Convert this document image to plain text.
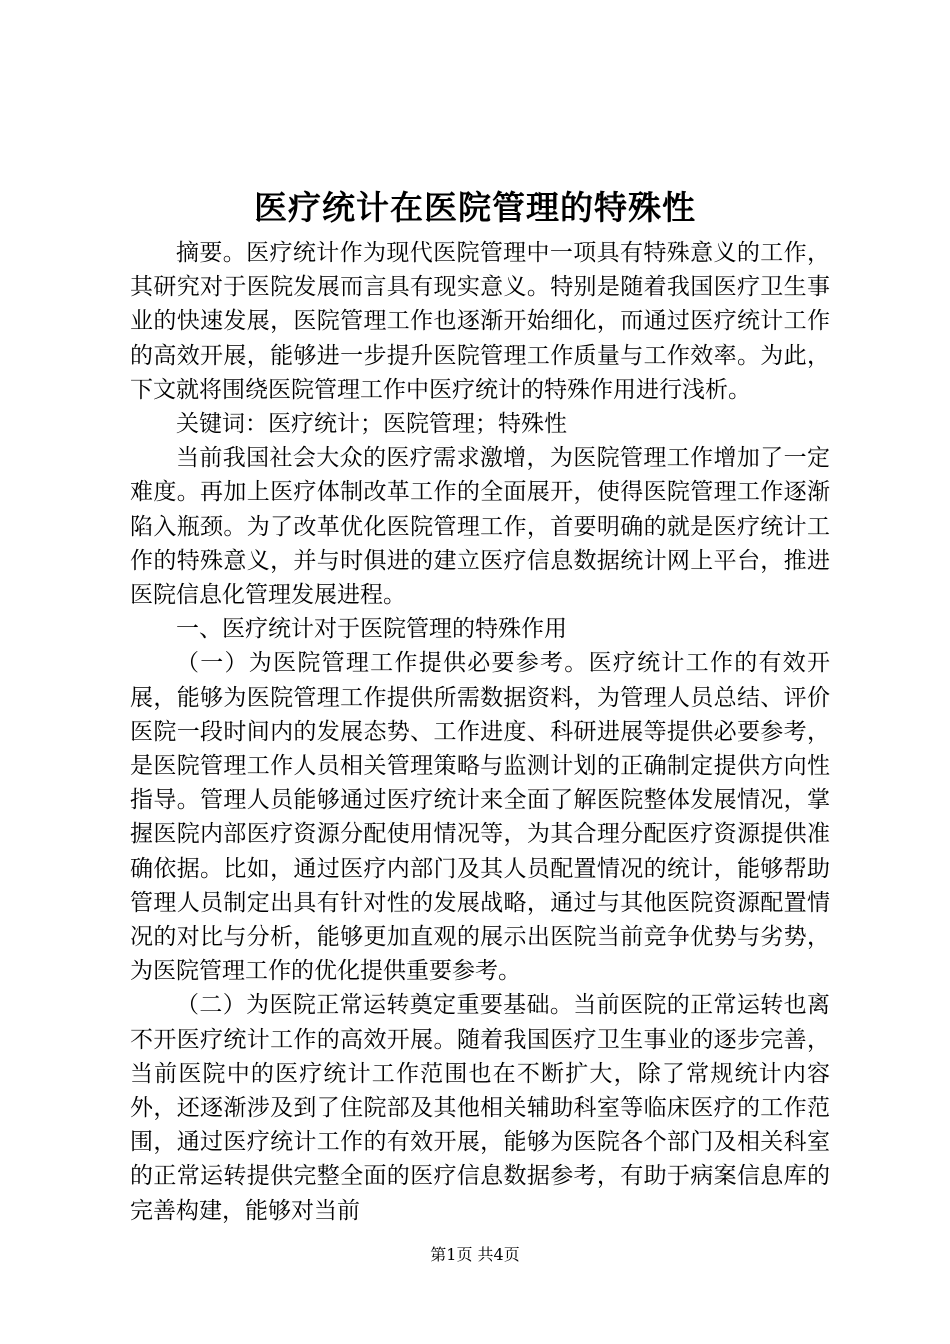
医疗统计在医院管理的特殊性

摘要。医疗统计作为现代医院管理中一项具有特殊意义的工作，其研究对于医院发展而言具有现实意义。特别是随着我国医疗卫生事业的快速发展，医院管理工作也逐渐开始细化，而通过医疗统计工作的高效开展，能够进一步提升医院管理工作质量与工作效率。为此，下文就将围绕医院管理工作中医疗统计的特殊作用进行浅析。

关键词：医疗统计；医院管理；特殊性

当前我国社会大众的医疗需求激增，为医院管理工作增加了一定难度。再加上医疗体制改革工作的全面展开，使得医院管理工作逐渐陷入瓶颈。为了改革优化医院管理工作，首要明确的就是医疗统计工作的特殊意义，并与时俱进的建立医疗信息数据统计网上平台，推进医院信息化管理发展进程。

一、医疗统计对于医院管理的特殊作用

（一）为医院管理工作提供必要参考。医疗统计工作的有效开展，能够为医院管理工作提供所需数据资料，为管理人员总结、评价医院一段时间内的发展态势、工作进度、科研进展等提供必要参考，是医院管理工作人员相关管理策略与监测计划的正确制定提供方向性指导。管理人员能够通过医疗统计来全面了解医院整体发展情况，掌握医院内部医疗资源分配使用情况等，为其合理分配医疗资源提供准确依据。比如，通过医疗内部门及其人员配置情况的统计，能够帮助管理人员制定出具有针对性的发展战略，通过与其他医院资源配置情况的对比与分析，能够更加直观的展示出医院当前竞争优势与劣势，为医院管理工作的优化提供重要参考。

（二）为医院正常运转奠定重要基础。当前医院的正常运转也离不开医疗统计工作的高效开展。随着我国医疗卫生事业的逐步完善，当前医院中的医疗统计工作范围也在不断扩大，除了常规统计内容外，还逐渐涉及到了住院部及其他相关辅助科室等临床医疗的工作范围，通过医疗统计工作的有效开展，能够为医院各个部门及相关科室的正常运转提供完整全面的医疗信息数据参考，有助于病案信息库的完善构建，能够对当前

第1页 共4页
